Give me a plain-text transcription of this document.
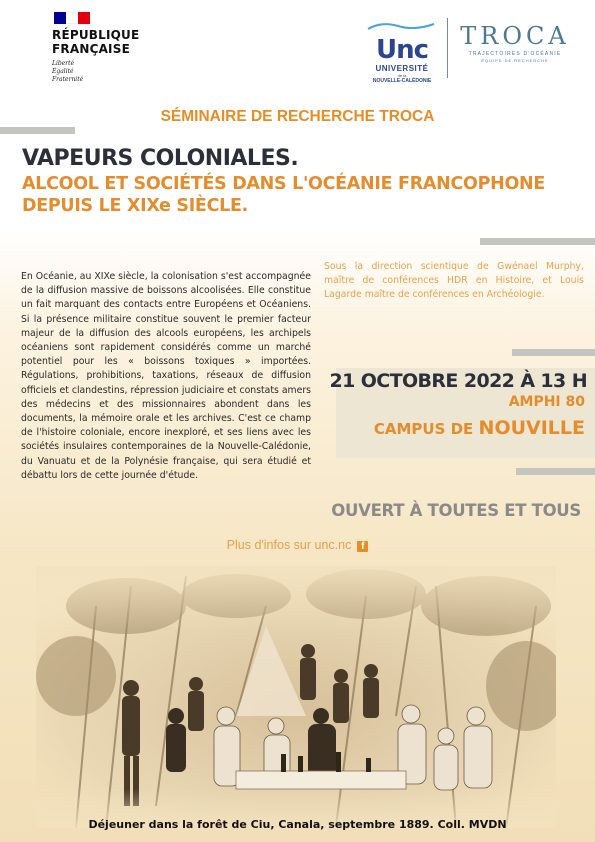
RÉPUBLIQUE
FRANÇAISE
Liberté
Égalité
Fraternité
Unc
UNIVERSITÉ
de la
NOUVELLE-CALÉDONIE
TROCA
TRAJECTOIRES D'OCÉANIE
ÉQUIPE DE RECHERCHE
SÉMINAIRE DE RECHERCHE TROCA
VAPEURS COLONIALES.
ALCOOL ET SOCIÉTÉS DANS L'OCÉANIE FRANCOPHONE
DEPUIS LE XIXe SIÈCLE.
En Océanie, au XIXe siècle, la colonisation s'est accompagnée de la diffusion massive de boissons alcoolisées. Elle constitue un fait marquant des contacts entre Européens et Océaniens. Si la présence militaire constitue souvent le premier facteur majeur de la diffusion des alcools européens, les archipels océaniens sont rapidement considérés comme un marché potentiel pour les « boissons toxiques » importées. Régulations, prohibitions, taxations, réseaux de diffusion officiels et clandestins, répression judiciaire et constats amers des médecins et des missionnaires abondent dans les documents, la mémoire orale et les archives. C'est ce champ de l'histoire coloniale, encore inexploré, et ses liens avec les sociétés insulaires contemporaines de la Nouvelle-Calédonie, du Vanuatu et de la Polynésie française, qui sera étudié et débattu lors de cette journée d'étude.
Sous la direction scientique de Gwénael Murphy, maître de conférences HDR en Histoire, et Louis Lagarde maître de conférences en Archéologie.
21 OCTOBRE 2022 À 13 H
AMPHI 80
CAMPUS DE NOUVILLE
OUVERT À TOUTES ET TOUS
Plus d'infos sur unc.nc f
Déjeuner dans la forêt de Ciu, Canala, septembre 1889. Coll. MVDN
